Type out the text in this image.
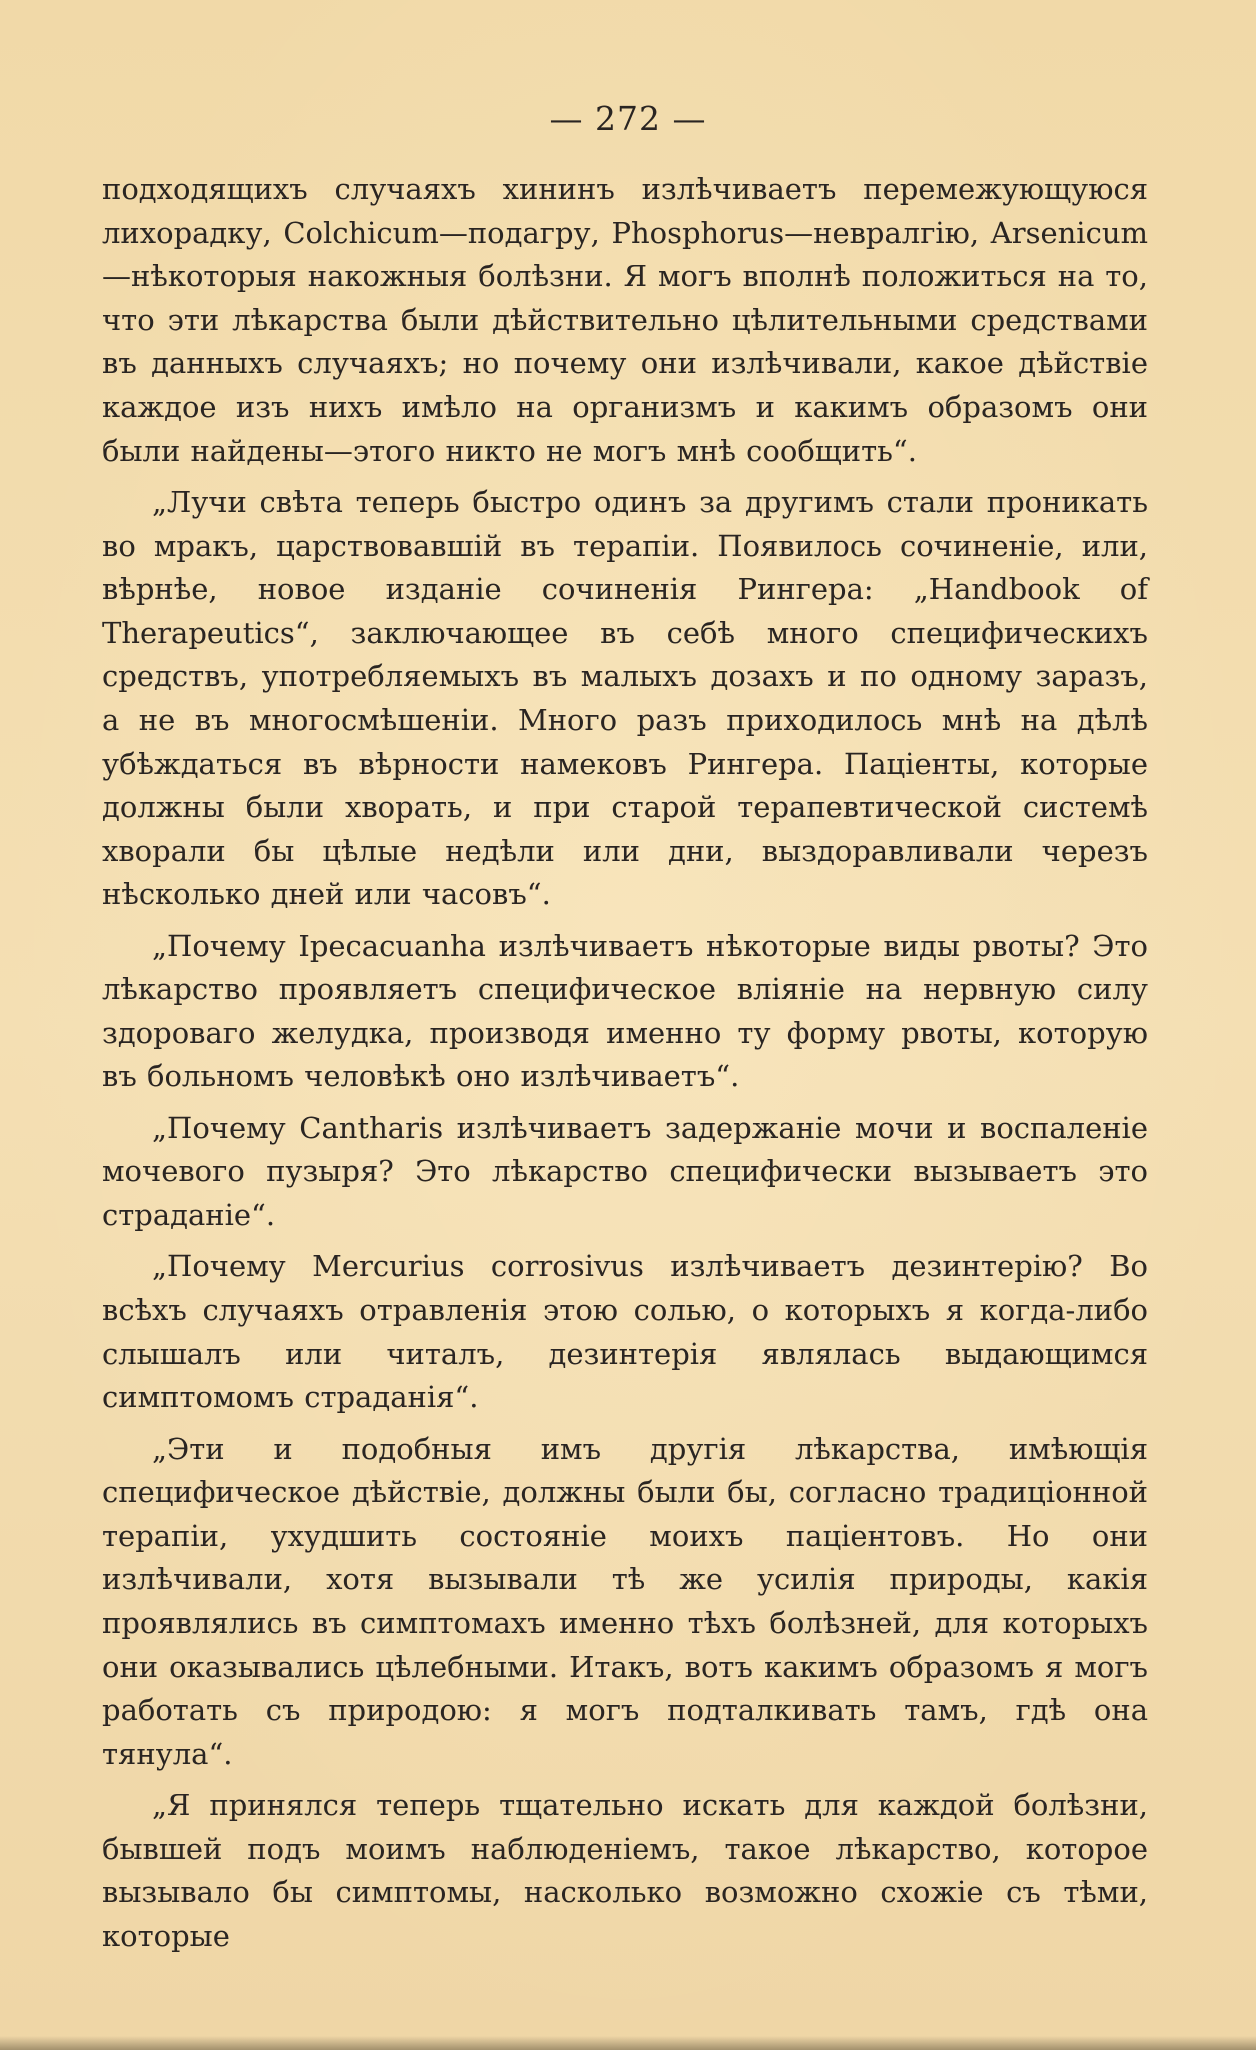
— 272 —

подходящихъ случаяхъ хининъ излѣчиваетъ перемежующуюся лихорадку, Colchicum—подагру, Phosphorus—невралгію, Arsenicum—нѣкоторыя накожныя болѣзни. Я могъ вполнѣ положиться на то, что эти лѣкарства были дѣйствительно цѣлительными средствами въ данныхъ случаяхъ; но почему они излѣчивали, какое дѣйствіе каждое изъ нихъ имѣло на организмъ и какимъ образомъ они были найдены—этого никто не могъ мнѣ сообщить“.

„Лучи свѣта теперь быстро одинъ за другимъ стали проникать во мракъ, царствовавшій въ терапіи. Появилось сочиненіе, или, вѣрнѣе, новое изданіе сочиненія Рингера: „Handbook of Therapeutics“, заключающее въ себѣ много специфическихъ средствъ, употребляемыхъ въ малыхъ дозахъ и по одному заразъ, а не въ многосмѣшеніи. Много разъ приходилось мнѣ на дѣлѣ убѣждаться въ вѣрности намековъ Рингера. Паціенты, которые должны были хворать, и при старой терапевтической системѣ хворали бы цѣлые недѣли или дни, выздоравливали черезъ нѣсколько дней или часовъ“.

„Почему Ipecacuanha излѣчиваетъ нѣкоторые виды рвоты? Это лѣкарство проявляетъ специфическое вліяніе на нервную силу здороваго желудка, производя именно ту форму рвоты, которую въ больномъ человѣкѣ оно излѣчиваетъ“.

„Почему Cantharis излѣчиваетъ задержаніе мочи и воспаленіе мочевого пузыря? Это лѣкарство специфически вызываетъ это страданіе“.

„Почему Mercurius corrosivus излѣчиваетъ дезинтерію? Во всѣхъ случаяхъ отравленія этою солью, о которыхъ я когда-либо слышалъ или читалъ, дезинтерія являлась выдающимся симптомомъ страданія“.

„Эти и подобныя имъ другія лѣкарства, имѣющія специфическое дѣйствіе, должны были бы, согласно традиціонной терапіи, ухудшить состояніе моихъ паціентовъ. Но они излѣчивали, хотя вызывали тѣ же усилія природы, какія проявлялись въ симптомахъ именно тѣхъ болѣзней, для которыхъ они оказывались цѣлебными. Итакъ, вотъ какимъ образомъ я могъ работать съ природою: я могъ подталкивать тамъ, гдѣ она тянула“.

„Я принялся теперь тщательно искать для каждой болѣзни, бывшей подъ моимъ наблюденіемъ, такое лѣкарство, которое вызывало бы симптомы, насколько возможно схожіе съ тѣми, которые
